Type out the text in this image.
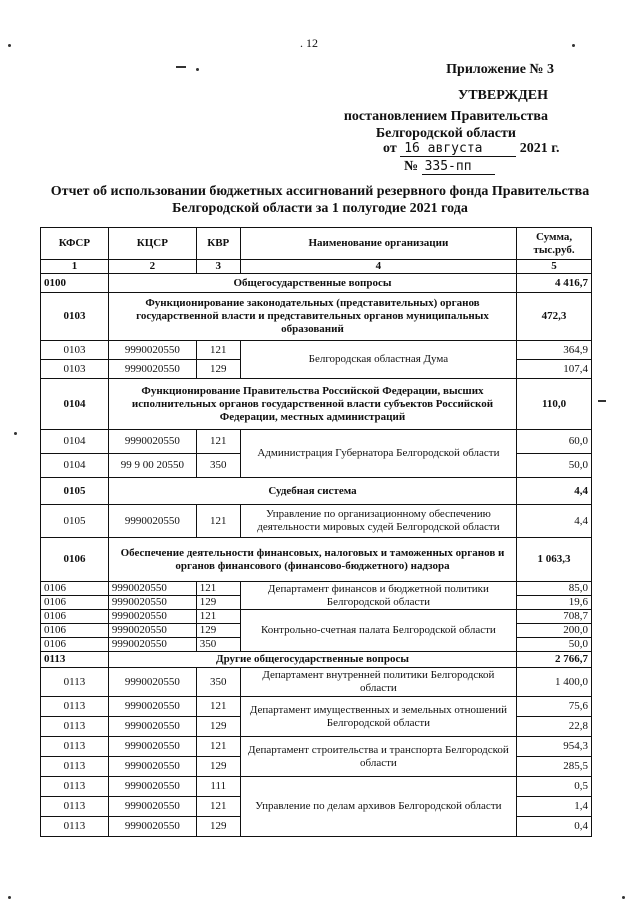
. 12
Приложение № 3
УТВЕРЖДЕН
постановлением Правительства
Белгородской области
от 16 августа	2021 г.
№ 335-пп
Отчет об использовании бюджетных ассигнований резервного фонда Правительства
Белгородской области за 1 полугодие 2021 года
КФСР	КЦСР	КВР	Наименование организации	Сумма, тыс.руб.
1	2	3	4	5
0100	Общегосударственные вопросы			4 416,7
0103	Функционирование законодательных (представительных) органов государственной власти и представительных органов муниципальных образований			472,3
0103	9990020550	121	Белгородская областная Дума	364,9
0103	9990020550	129		107,4
0104	Функционирование Правительства Российской Федерации, высших исполнительных органов государственной власти субъектов Российской Федерации, местных администраций			110,0
0104	9990020550	121	Администрация Губернатора Белгородской области	60,0
0104	99 9 00 20550	350		50,0
0105	Судебная система			4,4
0105	9990020550	121	Управление по организационному обеспечению деятельности мировых судей Белгородской области	4,4
0106	Обеспечение деятельности финансовых, налоговых и таможенных органов и органов финансового (финансово-бюджетного) надзора			1 063,3
0106	9990020550	121	Департамент финансов и бюджетной политики Белгородской области	85,0
0106	9990020550	129		19,6
0106	9990020550	121	Контрольно-счетная палата Белгородской области	708,7
0106	9990020550	129		200,0
0106	9990020550	350		50,0
0113	Другие общегосударственные вопросы			2 766,7
0113	9990020550	350	Департамент внутренней политики Белгородской области	1 400,0
0113	9990020550	121	Департамент имущественных и земельных отношений Белгородской области	75,6
0113	9990020550	129		22,8
0113	9990020550	121	Департамент строительства и транспорта Белгородской области	954,3
0113	9990020550	129		285,5
0113	9990020550	111	Управление по делам архивов Белгородской области	0,5
0113	9990020550	121		1,4
0113	9990020550	129		0,4
